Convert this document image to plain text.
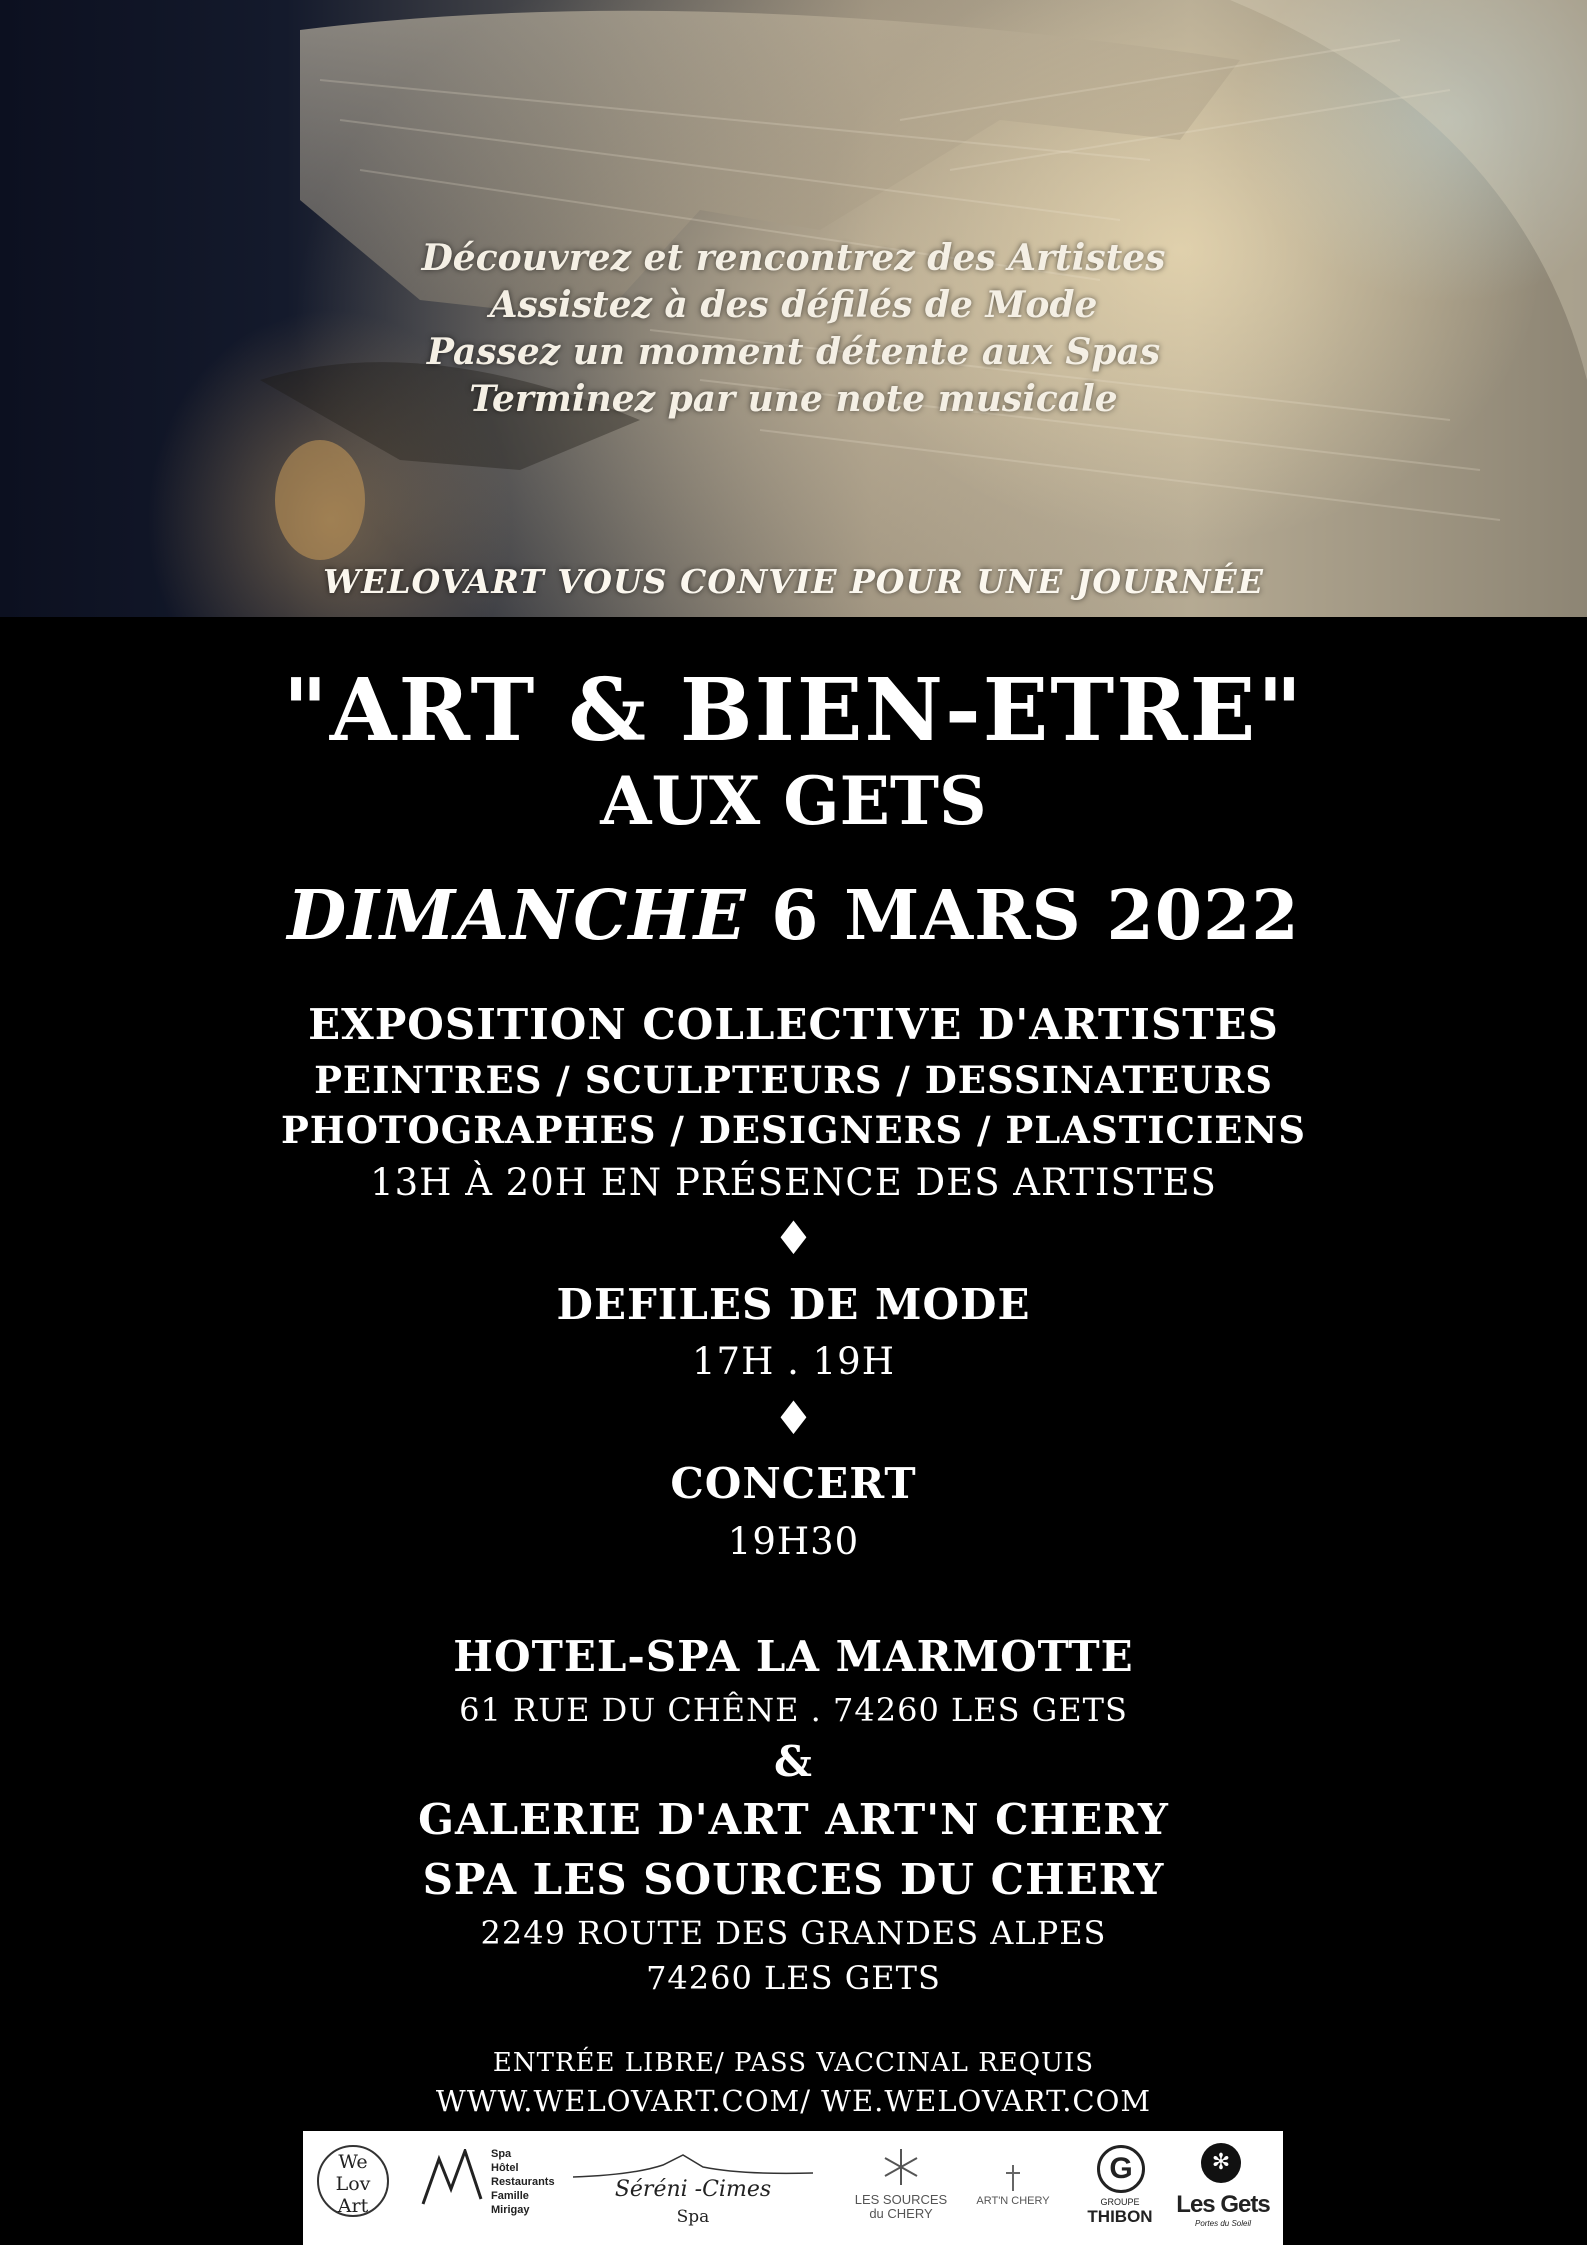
Découvrez et rencontrez des Artistes
Assistez à des défilés de Mode
Passez un moment détente aux Spas
Terminez par une note musicale
WELOVART VOUS CONVIE POUR UNE JOURNÉE
"ART & BIEN-ETRE"
AUX GETS
DIMANCHE 6 MARS 2022
EXPOSITION COLLECTIVE D'ARTISTES
PEINTRES / SCULPTEURS / DESSINATEURS
PHOTOGRAPHES / DESIGNERS / PLASTICIENS
13H À 20H EN PRÉSENCE DES ARTISTES
♦
DEFILES DE MODE
17H . 19H
♦
CONCERT
19H30
HOTEL-SPA LA MARMOTTE
61 RUE DU CHÊNE . 74260 LES GETS
&
GALERIE D'ART ART'N CHERY
SPA LES SOURCES DU CHERY
2249 ROUTE DES GRANDES ALPES
74260 LES GETS
ENTRÉE LIBRE/ PASS VACCINAL REQUIS
WWW.WELOVART.COM/ WE.WELOVART.COM
We
Lov
Art
Spa
Hôtel
Restaurants
Famille Mirigay
Séréni -Cimes
Spa
LES SOURCES
du CHERY
ART'N CHERY
G
GROUPE
THIBON
✻
Les Gets
Portes du Soleil
